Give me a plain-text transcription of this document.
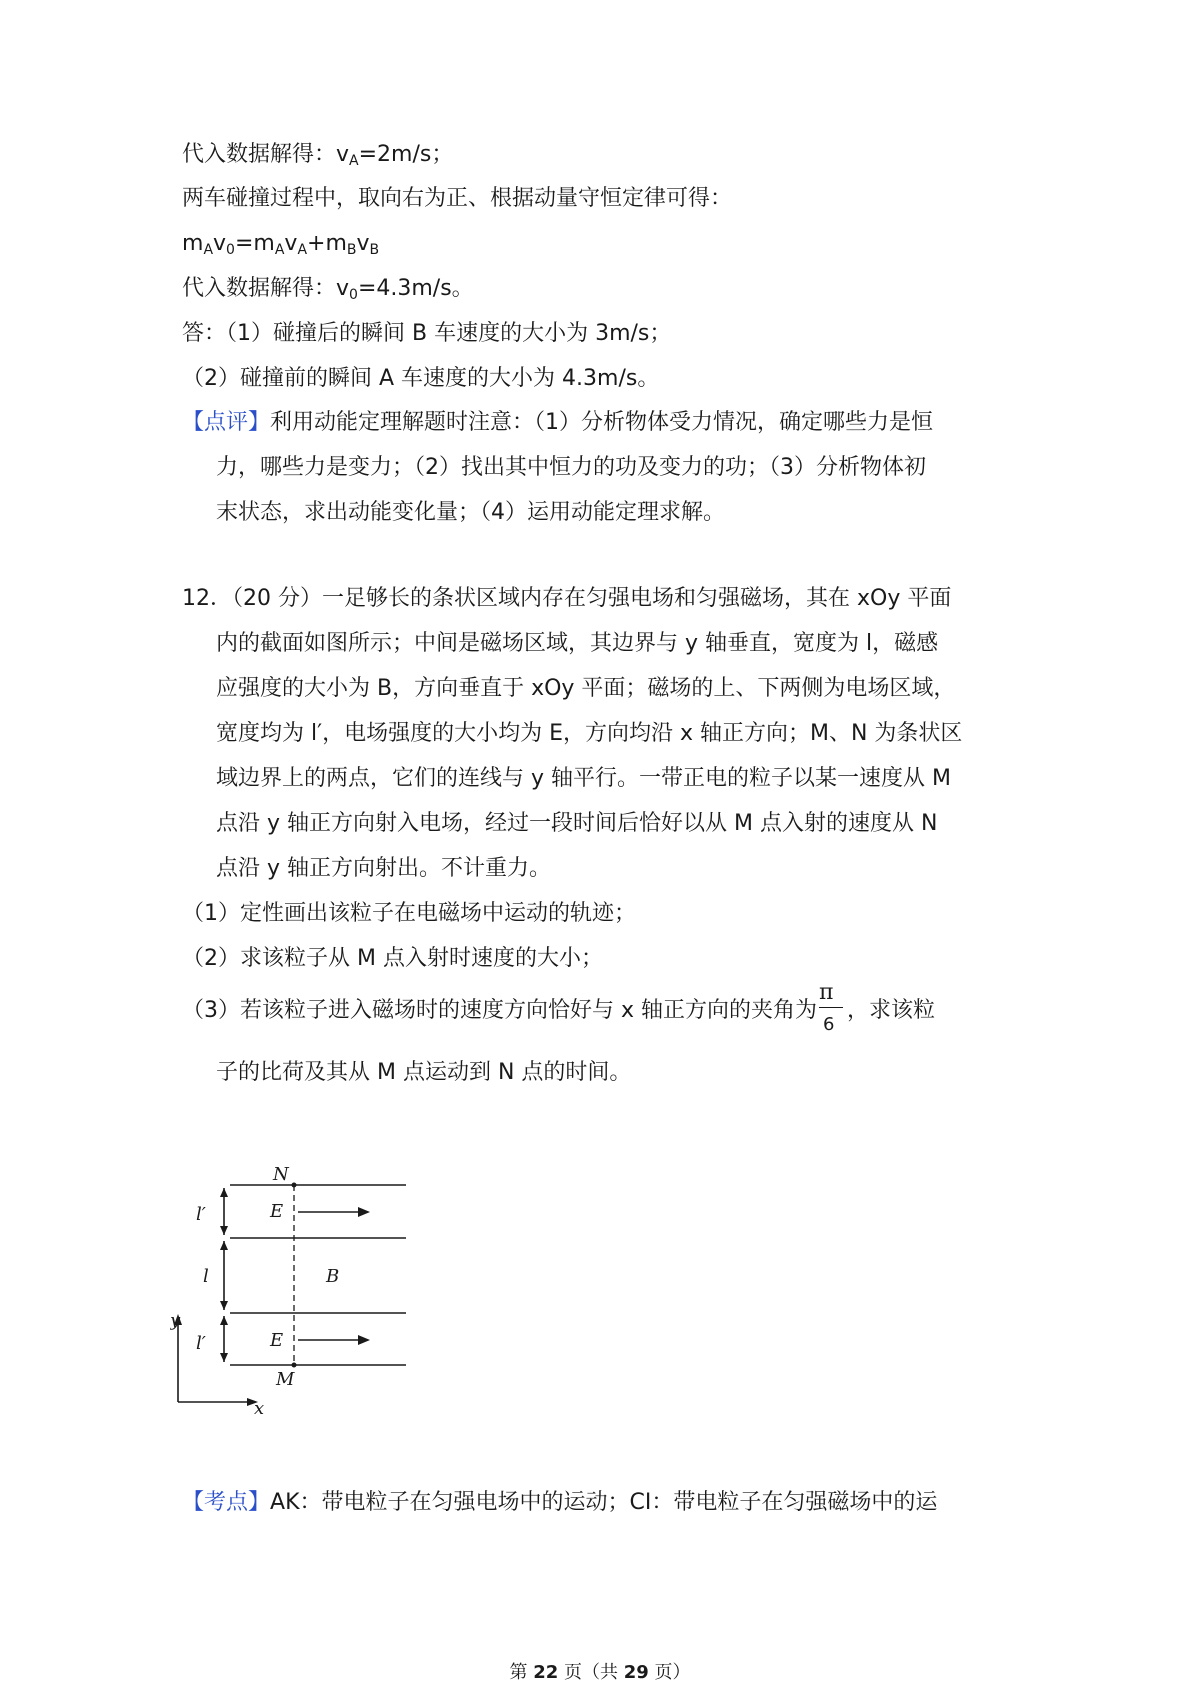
代入数据解得：$v_A=2m/s$；
两车碰撞过程中，取向右为正、根据动量守恒定律可得：
$m_Av_0=m_Av_A+m_Bv_B$
代入数据解得：$v_0=4.3m/s$。
答：（1）碰撞后的瞬间 B 车速度的大小为 3m/s；
（2）碰撞前的瞬间 A 车速度的大小为 4.3m/s。
【点评】利用动能定理解题时注意：（1）分析物体受力情况，确定哪些力是恒
力，哪些力是变力；（2）找出其中恒力的功及变力的功；（3）分析物体初
末状态，求出动能变化量；（4）运用动能定理求解。
12．（20 分）一足够长的条状区域内存在匀强电场和匀强磁场，其在 xOy 平面
内的截面如图所示；中间是磁场区域，其边界与 y 轴垂直，宽度为 l，磁感
应强度的大小为 B，方向垂直于 xOy 平面；磁场的上、下两侧为电场区域，
宽度均为 l′，电场强度的大小均为 E，方向均沿 x 轴正方向；M、N 为条状区
域边界上的两点，它们的连线与 y 轴平行。一带正电的粒子以某一速度从 M
点沿 y 轴正方向射入电场，经过一段时间后恰好以从 M 点入射的速度从 N
点沿 y 轴正方向射出。不计重力。
（1）定性画出该粒子在电磁场中运动的轨迹；
（2）求该粒子从 M 点入射时速度的大小；
（3）若该粒子进入磁场时的速度方向恰好与 x 轴正方向的夹角为 $\frac{\pi}{6}$ ，求该粒
子的比荷及其从 M 点运动到 N 点的时间。
N
M
E
E
B
l′
l
l′
y
x
【考点】AK：带电粒子在匀强电场中的运动；CI：带电粒子在匀强磁场中的运
第 22 页（共 29 页）
